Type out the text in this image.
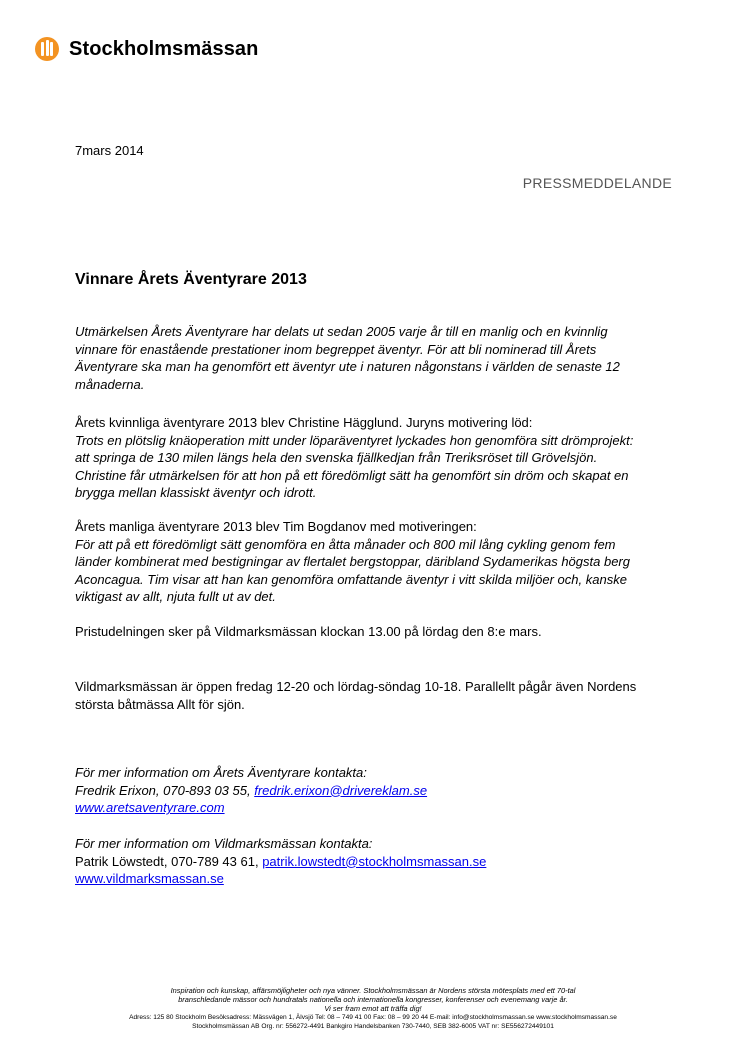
Stockholmsmässan
7mars 2014
PRESSMEDDELANDE
Vinnare Årets Äventyrare 2013
Utmärkelsen Årets Äventyrare har delats ut sedan 2005 varje år till en manlig och en kvinnlig
vinnare för enastående prestationer inom begreppet äventyr. För att bli nominerad till Årets
Äventyrare ska man ha genomfört ett äventyr ute i naturen någonstans i världen de senaste 12
månaderna.
Årets kvinnliga äventyrare 2013 blev Christine Hägglund. Juryns motivering löd:
Trots en plötslig knäoperation mitt under löparäventyret lyckades hon genomföra sitt drömprojekt:
att springa de 130 milen längs hela den svenska fjällkedjan från Treriksröset till Grövelsjön.
Christine får utmärkelsen för att hon på ett föredömligt sätt ha genomfört sin dröm och skapat en
brygga mellan klassiskt äventyr och idrott.
Årets manliga äventyrare 2013 blev Tim Bogdanov med motiveringen:
För att på ett föredömligt sätt genomföra en åtta månader och 800 mil lång cykling genom fem
länder kombinerat med bestigningar av flertalet bergstoppar, däribland Sydamerikas högsta berg
Aconcagua. Tim visar att han kan genomföra omfattande äventyr i vitt skilda miljöer och, kanske
viktigast av allt, njuta fullt ut av det.
Pristudelningen sker på Vildmarksmässan klockan 13.00 på lördag den 8:e mars.
Vildmarksmässan är öppen fredag 12-20 och lördag-söndag 10-18. Parallellt pågår även Nordens
största båtmässa Allt för sjön.
För mer information om Årets Äventyrare kontakta:
Fredrik Erixon, 070-893 03 55, fredrik.erixon@drivereklam.se
www.aretsaventyrare.com
För mer information om Vildmarksmässan kontakta:
Patrik Löwstedt, 070-789 43 61, patrik.lowstedt@stockholmsmassan.se
www.vildmarksmassan.se
Inspiration och kunskap, affärsmöjligheter och nya vänner. Stockholmsmässan är Nordens största mötesplats med ett 70-tal
branschledande mässor och hundratals nationella och internationella kongresser, konferenser och evenemang varje år.
Vi ser fram emot att träffa dig!
Adress: 125 80 Stockholm Besöksadress: Mässvägen 1, Älvsjö Tel: 08 – 749 41 00 Fax: 08 – 99 20 44 E-mail: info@stockholmsmassan.se www.stockholmsmassan.se
Stockholmsmässan AB Org. nr: 556272-4491 Bankgiro Handelsbanken 730-7440, SEB 382-6005 VAT nr: SE556272449101
